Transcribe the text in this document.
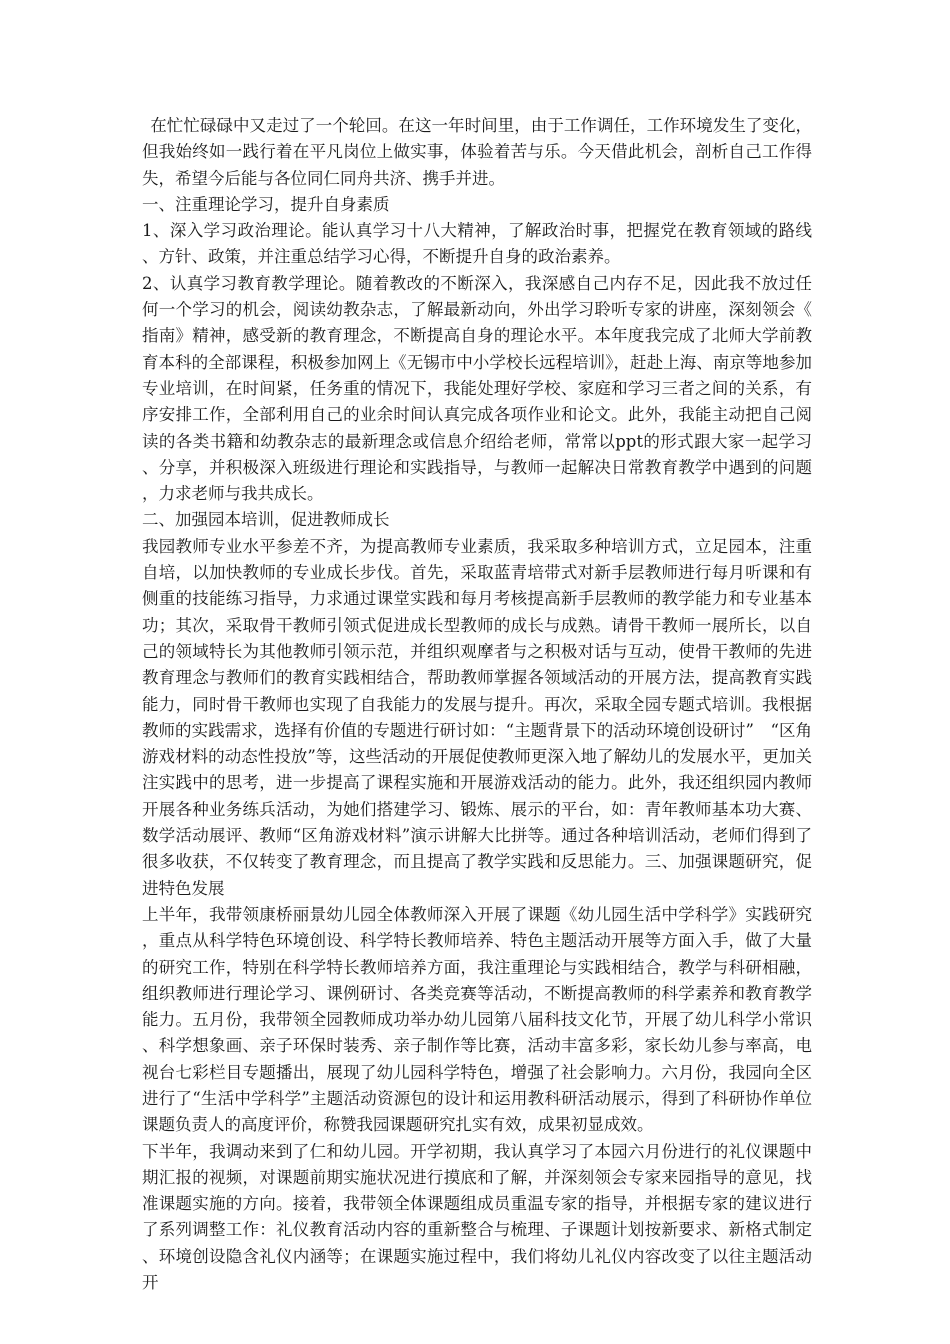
在忙忙碌碌中又走过了一个轮回。在这一年时间里，由于工作调任，工作环境发生了变化，但我始终如一践行着在平凡岗位上做实事，体验着苦与乐。今天借此机会，剖析自己工作得失，希望今后能与各位同仁同舟共济、携手并进。

一、注重理论学习，提升自身素质

1、深入学习政治理论。能认真学习十八大精神，了解政治时事，把握党在教育领域的路线、方针、政策，并注重总结学习心得，不断提升自身的政治素养。

2、认真学习教育教学理论。随着教改的不断深入，我深感自己内存不足，因此我不放过任何一个学习的机会，阅读幼教杂志，了解最新动向，外出学习聆听专家的讲座，深刻领会《指南》精神，感受新的教育理念，不断提高自身的理论水平。本年度我完成了北师大学前教育本科的全部课程，积极参加网上《无锡市中小学校长远程培训》，赶赴上海、南京等地参加专业培训，在时间紧，任务重的情况下，我能处理好学校、家庭和学习三者之间的关系，有序安排工作，全部利用自己的业余时间认真完成各项作业和论文。此外，我能主动把自己阅读的各类书籍和幼教杂志的最新理念或信息介绍给老师，常常以ppt的形式跟大家一起学习、分享，并积极深入班级进行理论和实践指导，与教师一起解决日常教育教学中遇到的问题，力求老师与我共成长。

二、加强园本培训，促进教师成长

我园教师专业水平参差不齐，为提高教师专业素质，我采取多种培训方式，立足园本，注重自培，以加快教师的专业成长步伐。首先，采取蓝青培带式对新手层教师进行每月听课和有侧重的技能练习指导，力求通过课堂实践和每月考核提高新手层教师的教学能力和专业基本功；其次，采取骨干教师引领式促进成长型教师的成长与成熟。请骨干教师一展所长，以自己的领域特长为其他教师引领示范，并组织观摩者与之积极对话与互动，使骨干教师的先进教育理念与教师们的教育实践相结合，帮助教师掌握各领域活动的开展方法，提高教育实践能力，同时骨干教师也实现了自我能力的发展与提升。再次，采取全园专题式培训。我根据教师的实践需求，选择有价值的专题进行研讨如：“主题背景下的活动环境创设研讨”　“区角游戏材料的动态性投放”等，这些活动的开展促使教师更深入地了解幼儿的发展水平，更加关注实践中的思考，进一步提高了课程实施和开展游戏活动的能力。此外，我还组织园内教师开展各种业务练兵活动，为她们搭建学习、锻炼、展示的平台，如：青年教师基本功大赛、数学活动展评、教师“区角游戏材料”演示讲解大比拼等。通过各种培训活动，老师们得到了很多收获，不仅转变了教育理念，而且提高了教学实践和反思能力。三、加强课题研究，促进特色发展

上半年，我带领康桥丽景幼儿园全体教师深入开展了课题《幼儿园生活中学科学》实践研究，重点从科学特色环境创设、科学特长教师培养、特色主题活动开展等方面入手，做了大量的研究工作，特别在科学特长教师培养方面，我注重理论与实践相结合，教学与科研相融，组织教师进行理论学习、课例研讨、各类竞赛等活动，不断提高教师的科学素养和教育教学能力。五月份，我带领全园教师成功举办幼儿园第八届科技文化节，开展了幼儿科学小常识、科学想象画、亲子环保时装秀、亲子制作等比赛，活动丰富多彩，家长幼儿参与率高，电视台七彩栏目专题播出，展现了幼儿园科学特色，增强了社会影响力。六月份，我园向全区进行了“生活中学科学”主题活动资源包的设计和运用教科研活动展示，得到了科研协作单位课题负责人的高度评价，称赞我园课题研究扎实有效，成果初显成效。

下半年，我调动来到了仁和幼儿园。开学初期，我认真学习了本园六月份进行的礼仪课题中期汇报的视频，对课题前期实施状况进行摸底和了解，并深刻领会专家来园指导的意见，找准课题实施的方向。接着，我带领全体课题组成员重温专家的指导，并根据专家的建议进行了系列调整工作：礼仪教育活动内容的重新整合与梳理、子课题计划按新要求、新格式制定、环境创设隐含礼仪内涵等；在课题实施过程中，我们将幼儿礼仪内容改变了以往主题活动开
